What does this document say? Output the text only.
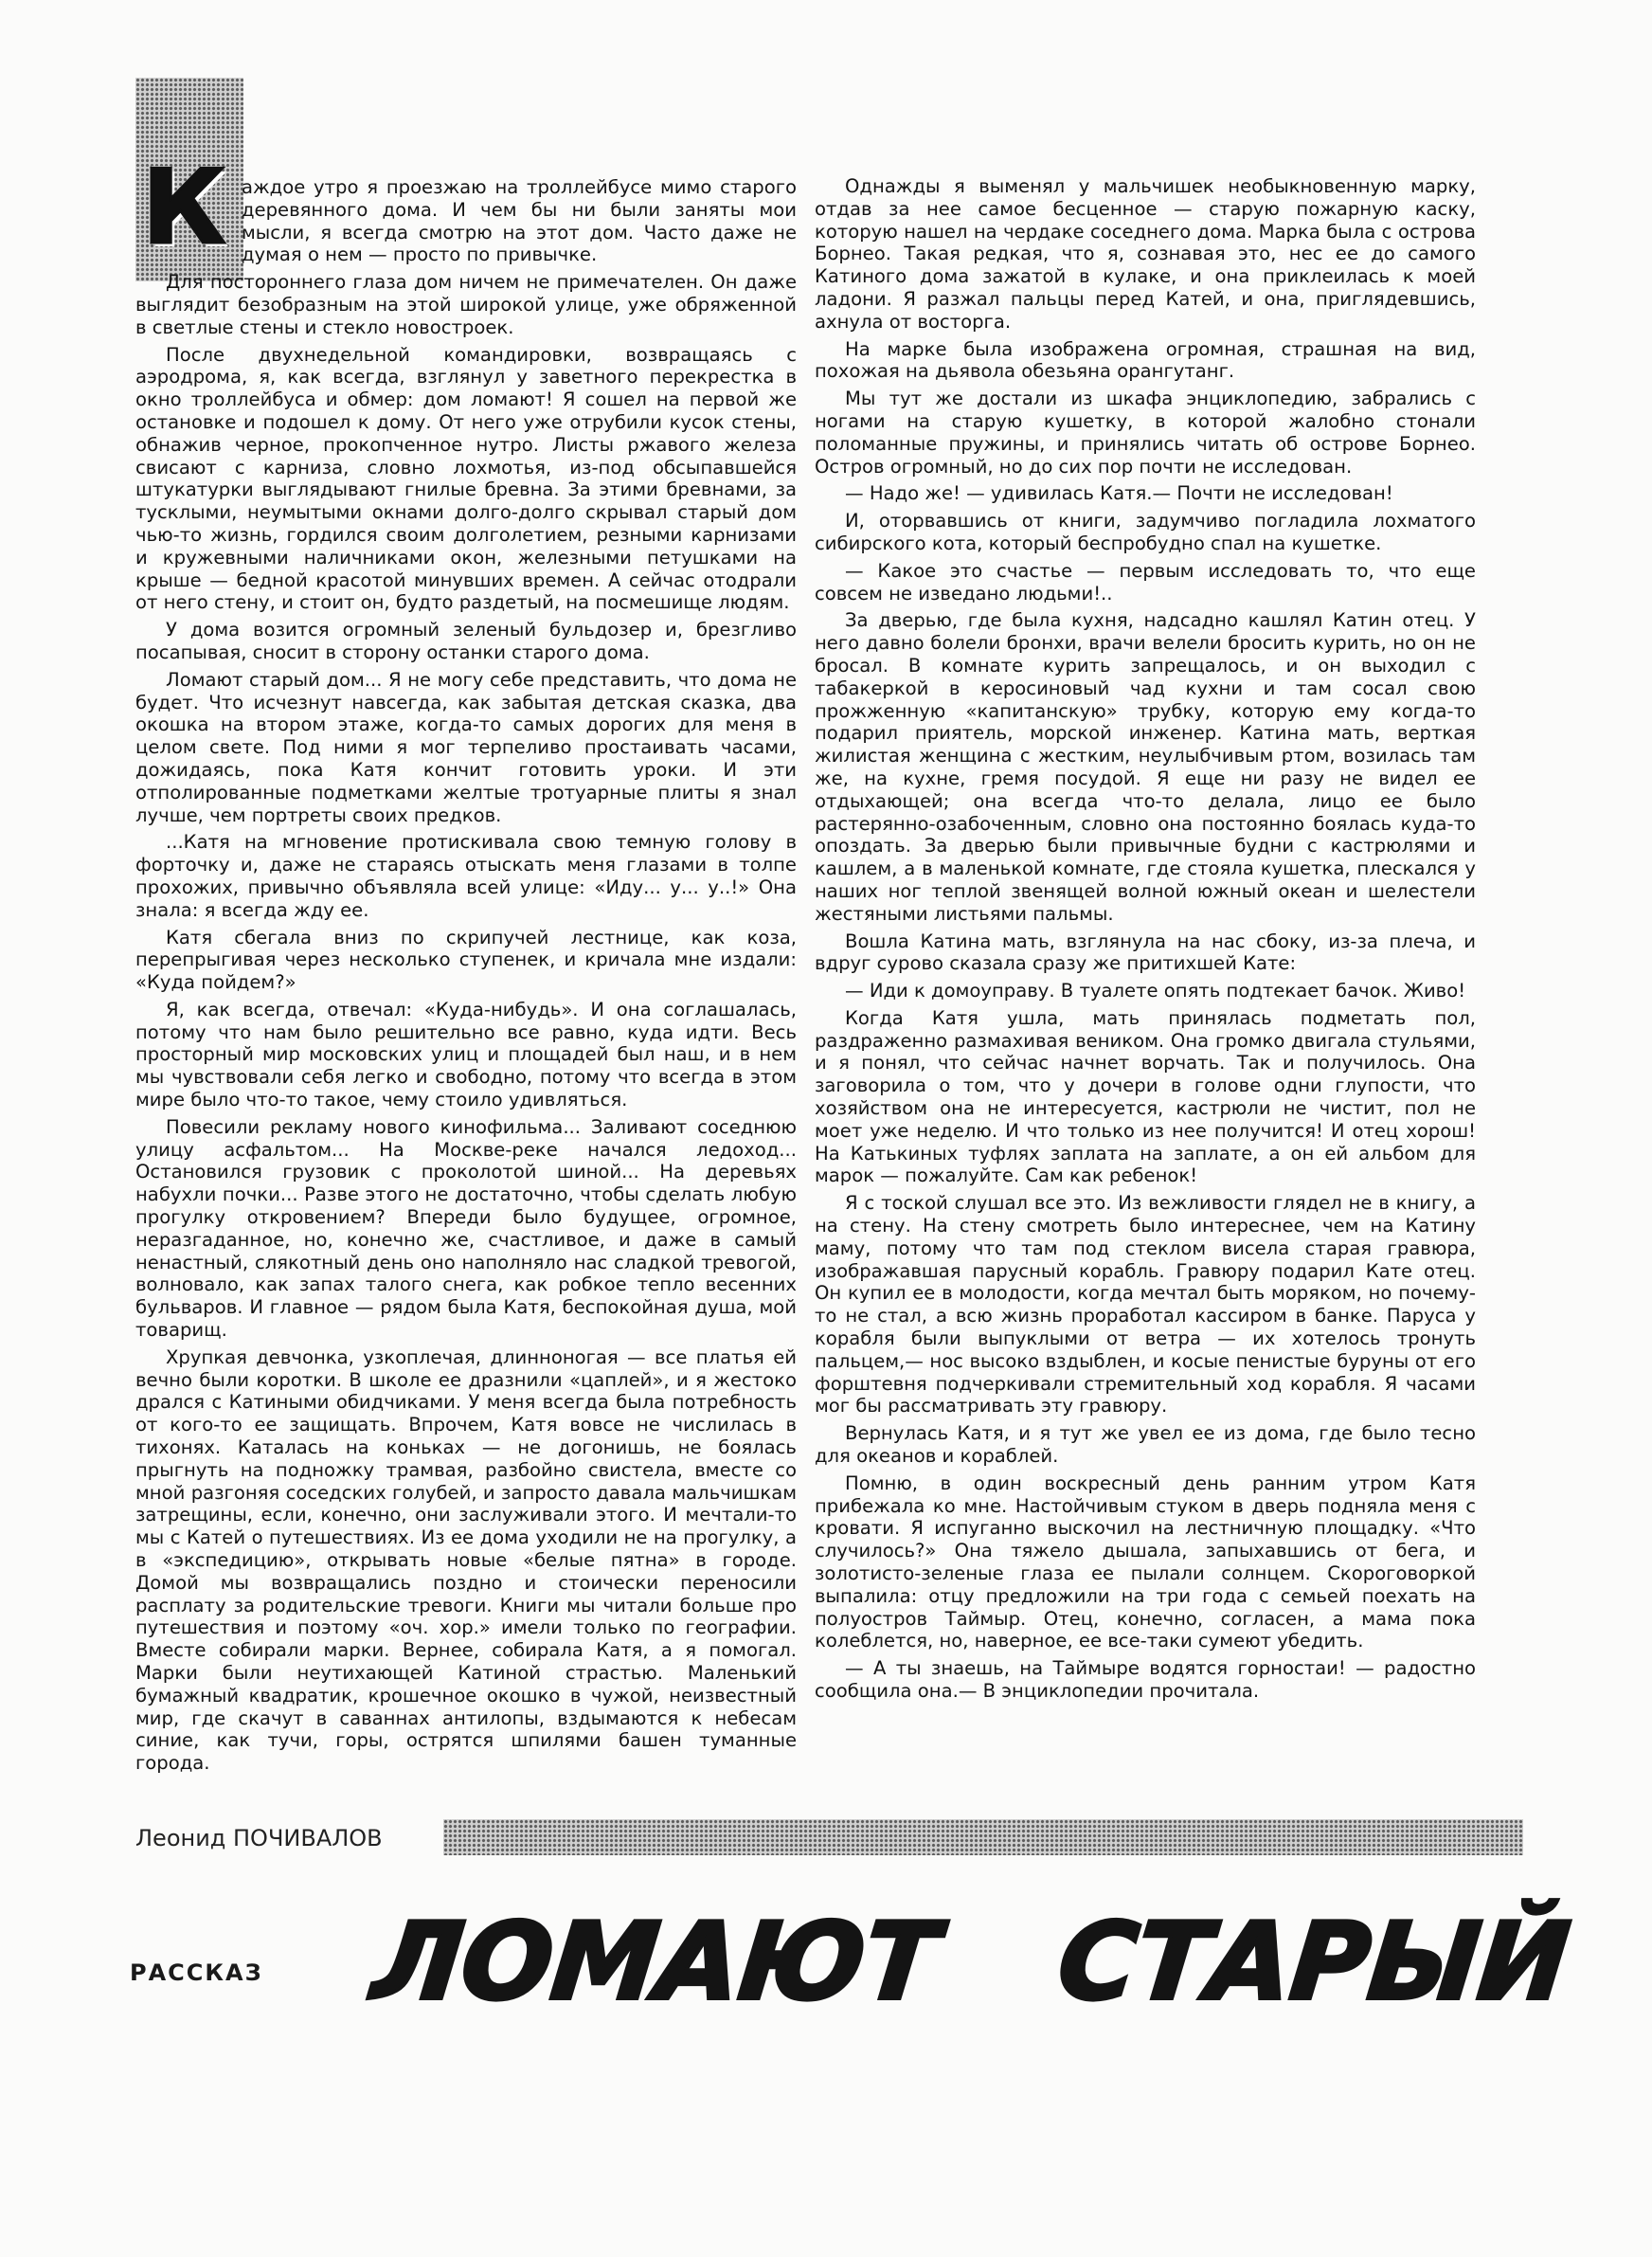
К аждое утро я проезжаю на троллейбусе мимо старого деревянного дома. И чем бы ни были заняты мои мысли, я всегда смотрю на этот дом. Часто даже не думая о нем — просто по привычке.

Для постороннего глаза дом ничем не примечателен. Он даже выглядит безобразным на этой широкой улице, уже обряженной в светлые стены и стекло новостроек.

После двухнедельной командировки, возвращаясь с аэродрома, я, как всегда, взглянул у заветного перекрестка в окно троллейбуса и обмер: дом ломают! Я сошел на первой же остановке и подошел к дому. От него уже отрубили кусок стены, обнажив черное, прокопченное нутро. Листы ржавого железа свисают с карниза, словно лохмотья, из-под обсыпавшейся штукатурки выглядывают гнилые бревна. За этими бревнами, за тусклыми, неумытыми окнами долго-долго скрывал старый дом чью-то жизнь, гордился своим долголетием, резными карнизами и кружевными наличниками окон, железными петушками на крыше — бедной красотой минувших времен. А сейчас отодрали от него стену, и стоит он, будто раздетый, на посмешище людям.

У дома возится огромный зеленый бульдозер и, брезгливо посапывая, сносит в сторону останки старого дома.

Ломают старый дом... Я не могу себе представить, что дома не будет. Что исчезнут навсегда, как забытая детская сказка, два окошка на втором этаже, когда-то самых дорогих для меня в целом свете. Под ними я мог терпеливо простаивать часами, дожидаясь, пока Катя кончит готовить уроки. И эти отполированные подметками желтые тротуарные плиты я знал лучше, чем портреты своих предков.

...Катя на мгновение протискивала свою темную голову в форточку и, даже не стараясь отыскать меня глазами в толпе прохожих, привычно объявляла всей улице: «Иду... у... у..!» Она знала: я всегда жду ее.

Катя сбегала вниз по скрипучей лестнице, как коза, перепрыгивая через несколько ступенек, и кричала мне издали: «Куда пойдем?»

Я, как всегда, отвечал: «Куда-нибудь». И она соглашалась, потому что нам было решительно все равно, куда идти. Весь просторный мир московских улиц и площадей был наш, и в нем мы чувствовали себя легко и свободно, потому что всегда в этом мире было что-то такое, чему стоило удивляться.

Повесили рекламу нового кинофильма... Заливают соседнюю улицу асфальтом... На Москве-реке начался ледоход... Остановился грузовик с проколотой шиной... На деревьях набухли почки... Разве этого не достаточно, чтобы сделать любую прогулку откровением? Впереди было будущее, огромное, неразгаданное, но, конечно же, счастливое, и даже в самый ненастный, слякотный день оно наполняло нас сладкой тревогой, волновало, как запах талого снега, как робкое тепло весенних бульваров. И главное — рядом была Катя, беспокойная душа, мой товарищ.

Хрупкая девчонка, узкоплечая, длинноногая — все платья ей вечно были коротки. В школе ее дразнили «цаплей», и я жестоко дрался с Катиными обидчиками. У меня всегда была потребность от кого-то ее защищать. Впрочем, Катя вовсе не числилась в тихонях. Каталась на коньках — не догонишь, не боялась прыгнуть на подножку трамвая, разбойно свистела, вместе со мной разгоняя соседских голубей, и запросто давала мальчишкам затрещины, если, конечно, они заслуживали этого. И мечтали-то мы с Катей о путешествиях. Из ее дома уходили не на прогулку, а в «экспедицию», открывать новые «белые пятна» в городе. Домой мы возвращались поздно и стоически переносили расплату за родительские тревоги. Книги мы читали больше про путешествия и поэтому «оч. хор.» имели только по географии. Вместе собирали марки. Вернее, собирала Катя, а я помогал. Марки были неутихающей Катиной страстью. Маленький бумажный квадратик, крошечное окошко в чужой, неизвестный мир, где скачут в саваннах антилопы, вздымаются к небесам синие, как тучи, горы, остpятся шпилями башен туманные города.

Однажды я выменял у мальчишек необыкновенную марку, отдав за нее самое бесценное — старую пожарную каску, которую нашел на чердаке соседнего дома. Марка была с острова Борнео. Такая редкая, что я, сознавая это, нес ее до самого Катиного дома зажатой в кулаке, и она приклеилась к моей ладони. Я разжал пальцы перед Катей, и она, приглядевшись, ахнула от восторга.

На марке была изображена огромная, страшная на вид, похожая на дьявола обезьяна орангутанг.

Мы тут же достали из шкафа энциклопедию, забрались с ногами на старую кушетку, в которой жалобно стонали поломанные пружины, и принялись читать об острове Борнео. Остров огромный, но до сих пор почти не исследован.

— Надо же! — удивилась Катя.— Почти не исследован!

И, оторвавшись от книги, задумчиво погладила лохматого сибирского кота, который беспробудно спал на кушетке.

— Какое это счастье — первым исследовать то, что еще совсем не изведано людьми!..

За дверью, где была кухня, надсадно кашлял Катин отец. У него давно болели бронхи, врачи велели бросить курить, но он не бросал. В комнате курить запрещалось, и он выходил с табакеркой в керосиновый чад кухни и там сосал свою прожженную «капитанскую» трубку, которую ему когда-то подарил приятель, морской инженер. Катина мать, верткая жилистая женщина с жестким, неулыбчивым ртом, возилась там же, на кухне, гремя посудой. Я еще ни разу не видел ее отдыхающей; она всегда что-то делала, лицо ее было растерянно-озабоченным, словно она постоянно боялась куда-то опоздать. За дверью были привычные будни с кастрюлями и кашлем, а в маленькой комнате, где стояла кушетка, плескался у наших ног теплой звенящей волной южный океан и шелестели жестяными листьями пальмы.

Вошла Катина мать, взглянула на нас сбоку, из-за плеча, и вдруг сурово сказала сразу же притихшей Кате:

— Иди к домоуправу. В туалете опять подтекает бачок. Живо!

Когда Катя ушла, мать принялась подметать пол, раздраженно размахивая веником. Она громко двигала стульями, и я понял, что сейчас начнет ворчать. Так и получилось. Она заговорила о том, что у дочери в голове одни глупости, что хозяйством она не интересуется, кастрюли не чистит, пол не моет уже неделю. И что только из нее получится! И отец хорош! На Катькиных туфлях заплата на заплате, а он ей альбом для марок — пожалуйте. Сам как ребенок!

Я с тоской слушал все это. Из вежливости глядел не в книгу, а на стену. На стену смотреть было интереснее, чем на Катину маму, потому что там под стеклом висела старая гравюра, изображавшая парусный корабль. Гравюру подарил Кате отец. Он купил ее в молодости, когда мечтал быть моряком, но почему-то не стал, а всю жизнь проработал кассиром в банке. Паруса у корабля были выпуклыми от ветра — их хотелось тронуть пальцем,— нос высоко вздыблен, и косые пенистые буруны от его форштевня подчеркивали стремительный ход корабля. Я часами мог бы рассматривать эту гравюру.

Вернулась Катя, и я тут же увел ее из дома, где было тесно для океанов и кораблей.

Помню, в один воскресный день ранним утром Катя прибежала ко мне. Настойчивым стуком в дверь подняла меня с кровати. Я испуганно выскочил на лестничную площадку. «Что случилось?» Она тяжело дышала, запыхавшись от бега, и золотисто-зеленые глаза ее пылали солнцем. Скороговоркой выпалила: отцу предложили на три года с семьей поехать на полуостров Таймыр. Отец, конечно, согласен, а мама пока колеблется, но, наверное, ее все-таки сумеют убедить.

— А ты знаешь, на Таймыре водятся горностаи! — радостно сообщила она.— В энциклопедии прочитала.

Леонид ПОЧИВАЛОВ
РАССКАЗ ЛОМАЮТ СТАРЫЙ
